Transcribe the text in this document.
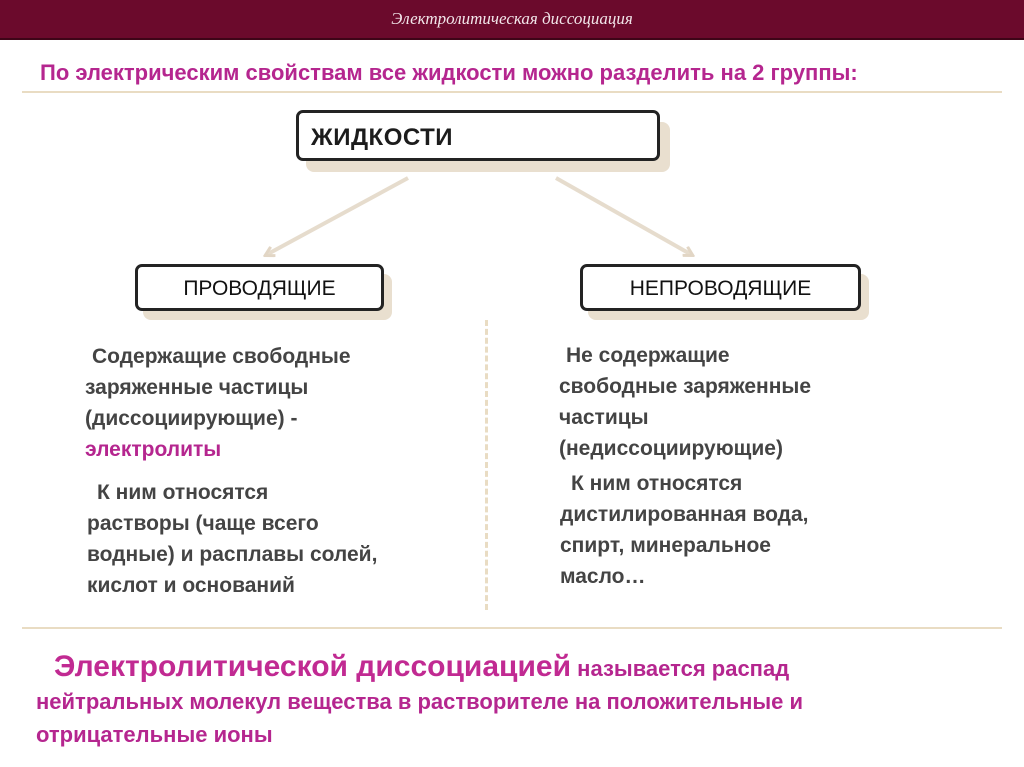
Электролитическая диссоциация
По электрическим свойствам все жидкости можно разделить на 2 группы:
ЖИДКОСТИ
ПРОВОДЯЩИЕ	НЕПРОВОДЯЩИЕ
Содержащие свободные
заряженные частицы
(диссоциирующие) -
электролиты
К ним относятся
растворы (чаще всего
водные) и расплавы солей,
кислот и оснований
Не содержащие
свободные заряженные
частицы
(недиссоциирующие)
К ним относятся
дистилированная вода,
спирт, минеральное
масло…
Электролитической диссоциацией называется распад
нейтральных молекул вещества в растворителе на положительные и
отрицательные ионы
